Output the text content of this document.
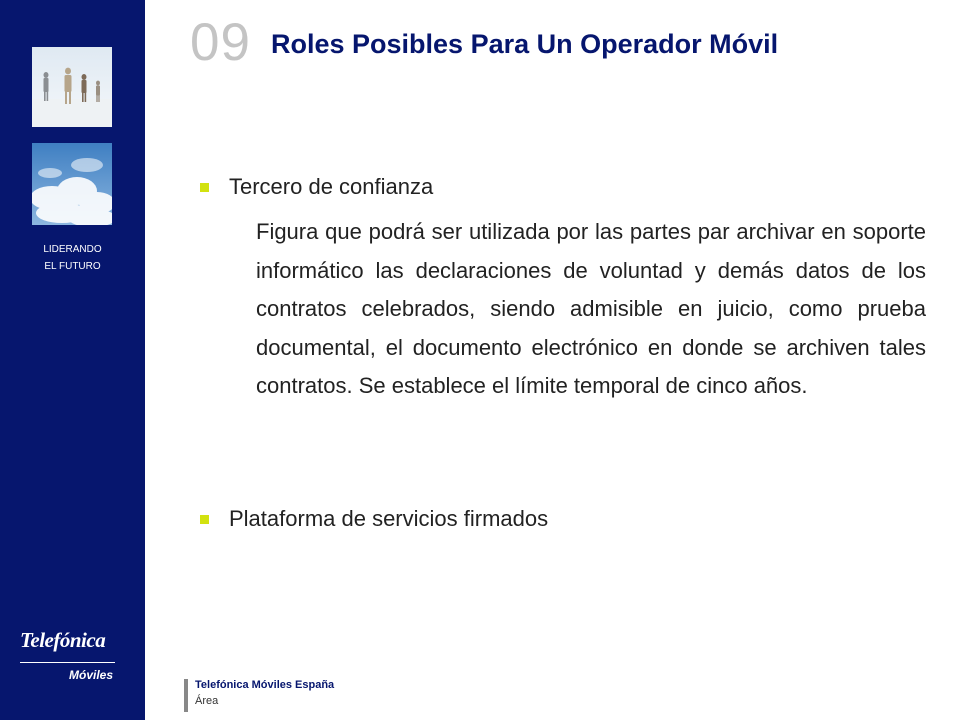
LIDERANDO
EL FUTURO
Telefónica
Móviles
09 Roles Posibles Para Un Operador Móvil
Tercero de confianza
Figura que podrá ser utilizada por las partes par archivar en soporte informático las declaraciones de voluntad y demás datos de los contratos celebrados, siendo admisible en juicio, como prueba documental, el documento electrónico en donde se archiven tales contratos. Se establece el límite temporal de cinco años.
Plataforma de servicios firmados
Telefónica Móviles España
Área
